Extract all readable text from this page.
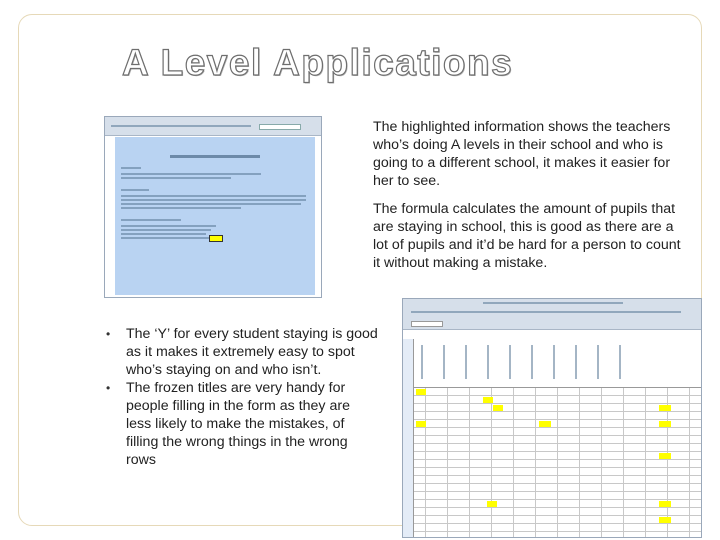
A Level Applications
The highlighted information shows the teachers who’s doing A levels in their school and who is going to a different school, it makes it easier for her to see.
The formula calculates the amount of pupils that are staying in school, this is good as there are a lot of pupils and it’d be hard for a person to count it without making a mistake.
• The ‘Y’ for every student staying is good as it makes it extremely easy to spot who’s staying on and who isn’t.
• The frozen titles are very handy for people filling in the form as they are less likely to make the mistakes, of filling the wrong things in the wrong rows
